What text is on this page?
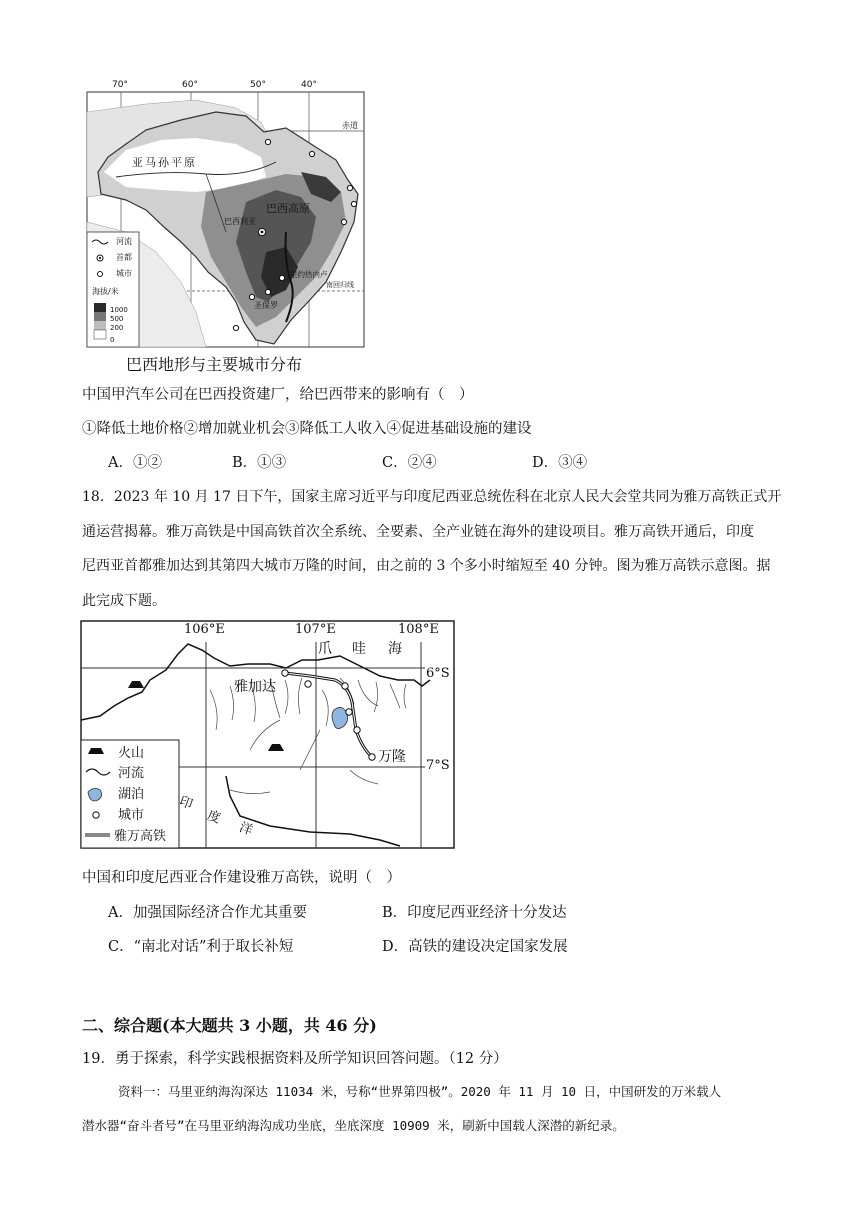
70°	60°	50°	40°
赤道
南回归线
亚马孙平原
巴西高原
巴西利亚
里约热内卢
圣保罗
河流
首都
城市
海拔/米
1000
500
200
0
巴西地形与主要城市分布
中国甲汽车公司在巴西投资建厂，给巴西带来的影响有（　）
①降低土地价格②增加就业机会③降低工人收入④促进基础设施的建设
A．①②	B．①③	C．②④	D．③④
18．2023 年 10 月 17 日下午，国家主席习近平与印度尼西亚总统佐科在北京人民大会堂共同为雅万高铁正式开
通运营揭幕。雅万高铁是中国高铁首次全系统、全要素、全产业链在海外的建设项目。雅万高铁开通后，印度
尼西亚首都雅加达到其第四大城市万隆的时间，由之前的 3 个多小时缩短至 40 分钟。图为雅万高铁示意图。据
此完成下题。
106°E	107°E	108°E
6°S
7°S
爪 哇 海
印
度
洋
雅加达
万隆
火山
河流
湖泊
城市
雅万高铁
中国和印度尼西亚合作建设雅万高铁，说明（　）
A．加强国际经济合作尤其重要	B．印度尼西亚经济十分发达
C．“南北对话”利于取长补短	D．高铁的建设决定国家发展
二、综合题(本大题共 3 小题，共 46 分)
19．勇于探索，科学实践根据资料及所学知识回答问题。（12 分）
资料一：马里亚纳海沟深达 11034 米，号称“世界第四极”。2020 年 11 月 10 日，中国研发的万米载人
潜水器“奋斗者号”在马里亚纳海沟成功坐底，坐底深度 10909 米，刷新中国载人深潜的新纪录。
